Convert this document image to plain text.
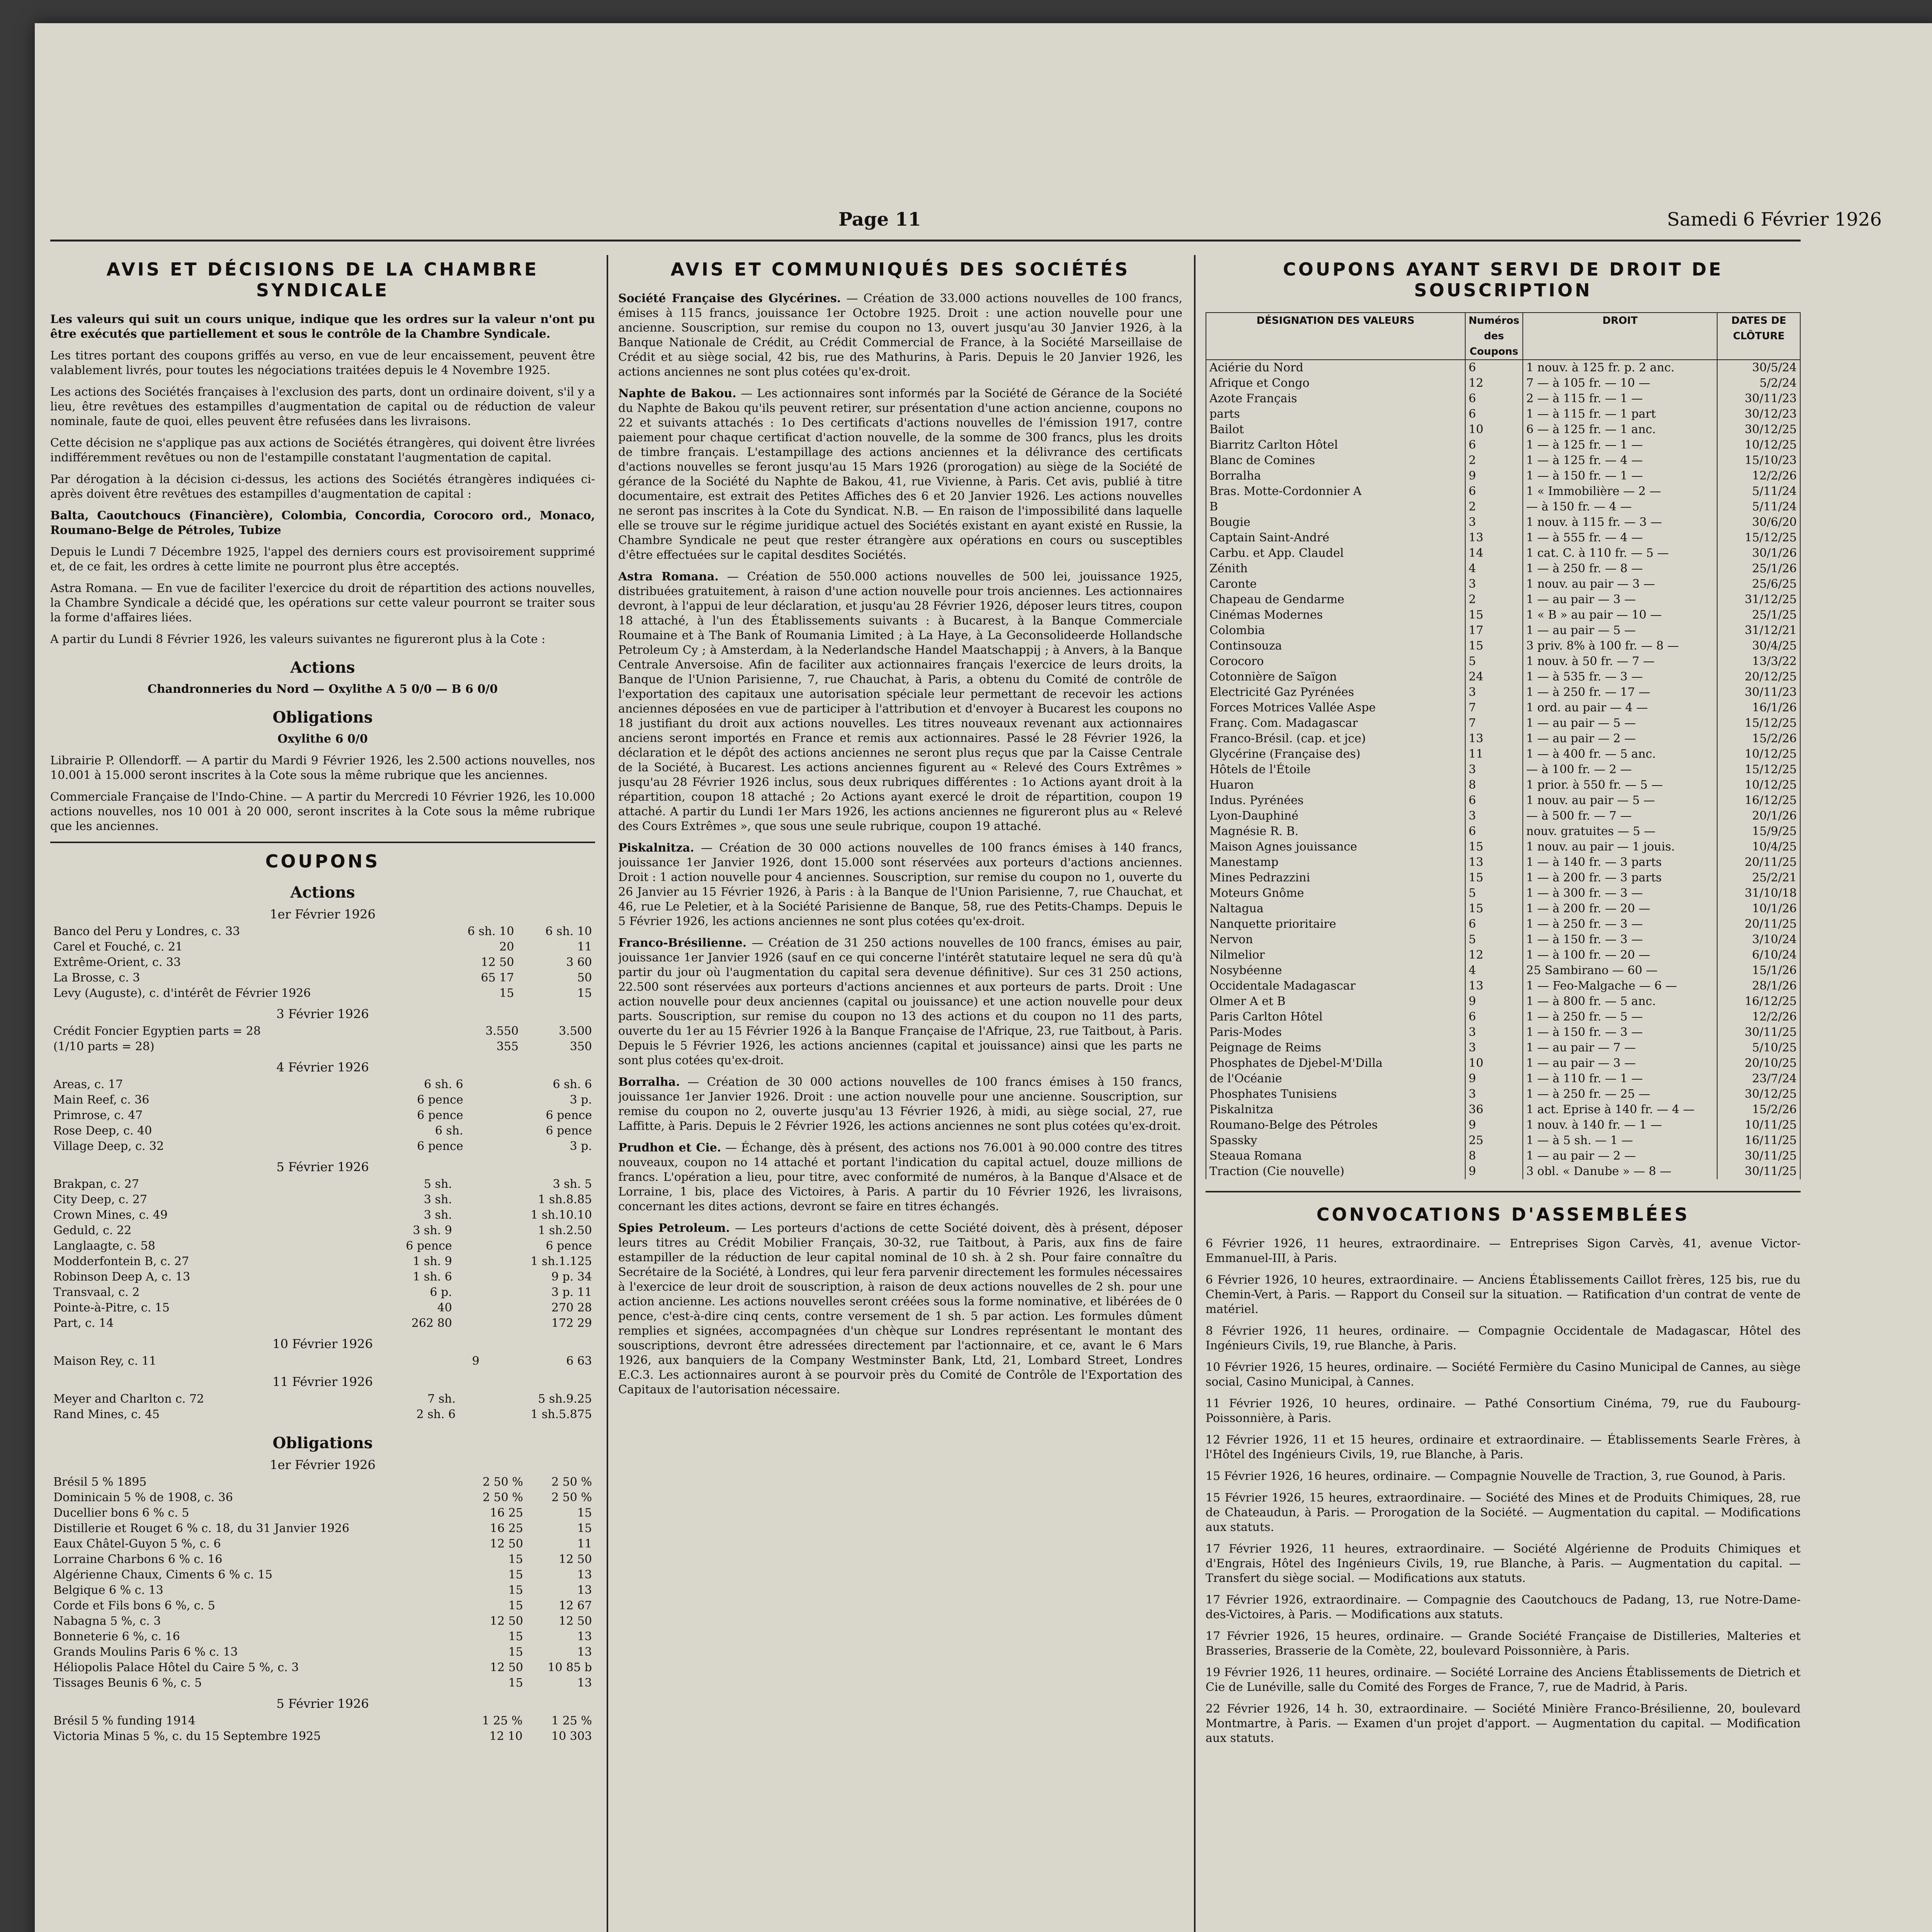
Page 11	Samedi 6 Février 1926
AVIS ET DÉCISIONS DE LA CHAMBRE SYNDICALE

Les valeurs qui suit un cours unique, indique que les ordres sur la valeur n'ont pu être exécutés que partiellement et sous le contrôle de la Chambre Syndicale.

Les titres portant des coupons griffés au verso, en vue de leur encaissement, peuvent être valablement livrés, pour toutes les négociations traitées depuis le 4 Novembre 1925.

Les actions des Sociétés françaises à l'exclusion des parts, dont un ordinaire doivent, s'il y a lieu, être revêtues des estampilles d'augmentation de capital ou de réduction de valeur nominale, faute de quoi, elles peuvent être refusées dans les livraisons.

Cette décision ne s'applique pas aux actions de Sociétés étrangères, qui doivent être livrées indifféremment revêtues ou non de l'estampille constatant l'augmentation de capital.

Par dérogation à la décision ci-dessus, les actions des Sociétés étrangères indiquées ci-après doivent être revêtues des estampilles d'augmentation de capital :

Balta, Caoutchoucs (Financière), Colombia, Concordia, Corocoro ord., Monaco, Roumano-Belge de Pétroles, Tubize

Depuis le Lundi 7 Décembre 1925, l'appel des derniers cours est provisoirement supprimé et, de ce fait, les ordres à cette limite ne pourront plus être acceptés.

Astra Romana. — En vue de faciliter l'exercice du droit de répartition des actions nouvelles, la Chambre Syndicale a décidé que, les opérations sur cette valeur pourront se traiter sous la forme d'affaires liées.

A partir du Lundi 8 Février 1926, les valeurs suivantes ne figureront plus à la Cote :

Actions

Chandronneries du Nord — Oxylithe A 5 0/0 — B 6 0/0

Obligations

Oxylithe 6 0/0

Librairie P. Ollendorff. — A partir du Mardi 9 Février 1926, les 2.500 actions nouvelles, nos 10.001 à 15.000 seront inscrites à la Cote sous la même rubrique que les anciennes.

Commerciale Française de l'Indo-Chine. — A partir du Mercredi 10 Février 1926, les 10.000 actions nouvelles, nos 10 001 à 20 000, seront inscrites à la Cote sous la même rubrique que les anciennes.

COUPONS
Actions
1er Février 1926
Banco del Peru y Londres, c. 33	6 sh. 10	6 sh. 10
Carel et Fouché, c. 21	20	11
Extrême-Orient, c. 33	12 50	3 60
La Brosse, c. 3	65 17	50
Levy (Auguste), c. d'intérêt de Février 1926	15	15
3 Février 1926
Crédit Foncier Egyptien parts = 28	3.550	3.500
(1/10 parts = 28)	355	350
4 Février 1926
Areas, c. 17	6 sh. 6	6 sh. 6
Main Reef, c. 36	6 pence	3 p.
Primrose, c. 47	6 pence	6 pence
Rose Deep, c. 40	6 sh.	6 pence
Village Deep, c. 32	6 pence	3 p.
5 Février 1926
Brakpan, c. 27	5 sh.	3 sh. 5
City Deep, c. 27	3 sh.	1 sh.8.85
Crown Mines, c. 49	3 sh.	1 sh.10.10
Geduld, c. 22	3 sh. 9	1 sh.2.50
Langlaagte, c. 58	6 pence	6 pence
Modderfontein B, c. 27	1 sh. 9	1 sh.1.125
Robinson Deep A, c. 13	1 sh. 6	9 p. 34
Transvaal, c. 2	6 p.	3 p. 11
Pointe-à-Pitre, c. 15	40	270 28
Part, c. 14	262 80	172 29
10 Février 1926
Maison Rey, c. 11	9	6 63
11 Février 1926
Meyer and Charlton c. 72	7 sh.	5 sh.9.25
Rand Mines, c. 45	2 sh. 6	1 sh.5.875
Obligations
1er Février 1926
Brésil 5 % 1895	2 50 %	2 50 %
Dominicain 5 % de 1908, c. 36	2 50 %	2 50 %
Ducellier bons 6 % c. 5	16 25	15
Distillerie et Rouget 6 % c. 18, du 31 Janvier 1926	16 25	15
Eaux Châtel-Guyon 5 %, c. 6	12 50	11
Lorraine Charbons 6 % c. 16	15	12 50
Algérienne Chaux, Ciments 6 % c. 15	15	13
Belgique 6 % c. 13	15	13
Corde et Fils bons 6 %, c. 5	15	12 67
Nabagna 5 %, c. 3	12 50	12 50
Bonneterie 6 %, c. 16	15	13
Grands Moulins Paris 6 % c. 13	15	13
Héliopolis Palace Hôtel du Caire 5 %, c. 3	12 50	10 85 b
Tissages Beunis 6 %, c. 5	15	13
5 Février 1926
Brésil 5 % funding 1914	1 25 %	1 25 %
Victoria Minas 5 %, c. du 15 Septembre 1925	12 10	10 303
AVIS ET COMMUNIQUÉS DES SOCIÉTÉS

Société Française des Glycérines. — Création de 33.000 actions nouvelles de 100 francs, émises à 115 francs, jouissance 1er Octobre 1925. Droit : une action nouvelle pour une ancienne. Souscription, sur remise du coupon no 13, ouvert jusqu'au 30 Janvier 1926, à la Banque Nationale de Crédit, au Crédit Commercial de France, à la Société Marseillaise de Crédit et au siège social, 42 bis, rue des Mathurins, à Paris. Depuis le 20 Janvier 1926, les actions anciennes ne sont plus cotées qu'ex-droit.

Naphte de Bakou. — Les actionnaires sont informés par la Société de Gérance de la Société du Naphte de Bakou qu'ils peuvent retirer, sur présentation d'une action ancienne, coupons no 22 et suivants attachés : 1o Des certificats d'actions nouvelles de l'émission 1917, contre paiement pour chaque certificat d'action nouvelle, de la somme de 300 francs, plus les droits de timbre français. L'estampillage des actions anciennes et la délivrance des certificats d'actions nouvelles se feront jusqu'au 15 Mars 1926 (prorogation) au siège de la Société de gérance de la Société du Naphte de Bakou, 41, rue Vivienne, à Paris. Cet avis, publié à titre documentaire, est extrait des Petites Affiches des 6 et 20 Janvier 1926. Les actions nouvelles ne seront pas inscrites à la Cote du Syndicat. N.B. — En raison de l'impossibilité dans laquelle elle se trouve sur le régime juridique actuel des Sociétés existant en ayant existé en Russie, la Chambre Syndicale ne peut que rester étrangère aux opérations en cours ou susceptibles d'être effectuées sur le capital desdites Sociétés.

Astra Romana. — Création de 550.000 actions nouvelles de 500 lei, jouissance 1925, distribuées gratuitement, à raison d'une action nouvelle pour trois anciennes. Les actionnaires devront, à l'appui de leur déclaration, et jusqu'au 28 Février 1926, déposer leurs titres, coupon 18 attaché, à l'un des Établissements suivants : à Bucarest, à la Banque Commerciale Roumaine et à The Bank of Roumania Limited ; à La Haye, à La Geconsolideerde Hollandsche Petroleum Cy ; à Amsterdam, à la Nederlandsche Handel Maatschappij ; à Anvers, à la Banque Centrale Anversoise. Afin de faciliter aux actionnaires français l'exercice de leurs droits, la Banque de l'Union Parisienne, 7, rue Chauchat, à Paris, a obtenu du Comité de contrôle de l'exportation des capitaux une autorisation spéciale leur permettant de recevoir les actions anciennes déposées en vue de participer à l'attribution et d'envoyer à Bucarest les coupons no 18 justifiant du droit aux actions nouvelles. Les titres nouveaux revenant aux actionnaires anciens seront importés en France et remis aux actionnaires. Passé le 28 Février 1926, la déclaration et le dépôt des actions anciennes ne seront plus reçus que par la Caisse Centrale de la Société, à Bucarest. Les actions anciennes figurent au « Relevé des Cours Extrêmes » jusqu'au 28 Février 1926 inclus, sous deux rubriques différentes : 1o Actions ayant droit à la répartition, coupon 18 attaché ; 2o Actions ayant exercé le droit de répartition, coupon 19 attaché. A partir du Lundi 1er Mars 1926, les actions anciennes ne figureront plus au « Relevé des Cours Extrêmes », que sous une seule rubrique, coupon 19 attaché.

Piskalnitza. — Création de 30 000 actions nouvelles de 100 francs émises à 140 francs, jouissance 1er Janvier 1926, dont 15.000 sont réservées aux porteurs d'actions anciennes. Droit : 1 action nouvelle pour 4 anciennes. Souscription, sur remise du coupon no 1, ouverte du 26 Janvier au 15 Février 1926, à Paris : à la Banque de l'Union Parisienne, 7, rue Chauchat, et 46, rue Le Peletier, et à la Société Parisienne de Banque, 58, rue des Petits-Champs. Depuis le 5 Février 1926, les actions anciennes ne sont plus cotées qu'ex-droit.

Franco-Brésilienne. — Création de 31 250 actions nouvelles de 100 francs, émises au pair, jouissance 1er Janvier 1926 (sauf en ce qui concerne l'intérêt statutaire lequel ne sera dû qu'à partir du jour où l'augmentation du capital sera devenue définitive). Sur ces 31 250 actions, 22.500 sont réservées aux porteurs d'actions anciennes et aux porteurs de parts. Droit : Une action nouvelle pour deux anciennes (capital ou jouissance) et une action nouvelle pour deux parts. Souscription, sur remise du coupon no 13 des actions et du coupon no 11 des parts, ouverte du 1er au 15 Février 1926 à la Banque Française de l'Afrique, 23, rue Taitbout, à Paris. Depuis le 5 Février 1926, les actions anciennes (capital et jouissance) ainsi que les parts ne sont plus cotées qu'ex-droit.

Borralha. — Création de 30 000 actions nouvelles de 100 francs émises à 150 francs, jouissance 1er Janvier 1926. Droit : une action nouvelle pour une ancienne. Souscription, sur remise du coupon no 2, ouverte jusqu'au 13 Février 1926, à midi, au siège social, 27, rue Laffitte, à Paris. Depuis le 2 Février 1926, les actions anciennes ne sont plus cotées qu'ex-droit.

Prudhon et Cie. — Échange, dès à présent, des actions nos 76.001 à 90.000 contre des titres nouveaux, coupon no 14 attaché et portant l'indication du capital actuel, douze millions de francs. L'opération a lieu, pour titre, avec conformité de numéros, à la Banque d'Alsace et de Lorraine, 1 bis, place des Victoires, à Paris. A partir du 10 Février 1926, les livraisons, concernant les dites actions, devront se faire en titres échangés.

Spies Petroleum. — Les porteurs d'actions de cette Société doivent, dès à présent, déposer leurs titres au Crédit Mobilier Français, 30-32, rue Taitbout, à Paris, aux fins de faire estampiller de la réduction de leur capital nominal de 10 sh. à 2 sh. Pour faire connaître du Secrétaire de la Société, à Londres, qui leur fera parvenir directement les formules nécessaires à l'exercice de leur droit de souscription, à raison de deux actions nouvelles de 2 sh. pour une action ancienne. Les actions nouvelles seront créées sous la forme nominative, et libérées de 0 pence, c'est-à-dire cinq cents, contre versement de 1 sh. 5 par action. Les formules dûment remplies et signées, accompagnées d'un chèque sur Londres représentant le montant des souscriptions, devront être adressées directement par l'actionnaire, et ce, avant le 6 Mars 1926, aux banquiers de la Company Westminster Bank, Ltd, 21, Lombard Street, Londres E.C.3. Les actionnaires auront à se pourvoir près du Comité de Contrôle de l'Exportation des Capitaux de l'autorisation nécessaire.

COUPONS AYANT SERVI DE DROIT DE SOUSCRIPTION
DÉSIGNATION DES VALEURS	Numéros des Coupons	DROIT	DATES DE CLÔTURE
Aciérie du Nord	6	1 nouv. à 125 fr. p. 2 anc.	30/5/24
Afrique et Congo	12	7 — à 105 fr. — 10 —	5/2/24
Azote Français	6	2 — à 115 fr. — 1 —	30/11/23
parts	6	1 — à 115 fr. — 1 part	30/12/23
Bailot	10	6 — à 125 fr. — 1 anc.	30/12/25
Biarritz Carlton Hôtel	6	1 — à 125 fr. — 1 —	10/12/25
Blanc de Comines	2	1 — à 125 fr. — 4 —	15/10/23
Borralha	9	1 — à 150 fr. — 1 —	12/2/26
Bras. Motte-Cordonnier A	6	1 « Immobilière — 2 —	5/11/24
B	2	— à 150 fr. — 4 —	5/11/24
Bougie	3	1 nouv. à 115 fr. — 3 —	30/6/20
Captain Saint-André	13	1 — à 555 fr. — 4 —	15/12/25
Carbu. et App. Claudel	14	1 cat. C. à 110 fr. — 5 —	30/1/26
Zénith	4	1 — à 250 fr. — 8 —	25/1/26
Caronte	3	1 nouv. au pair — 3 —	25/6/25
Chapeau de Gendarme	2	1 — au pair — 3 —	31/12/25
Cinémas Modernes	15	1 « B » au pair — 10 —	25/1/25
Colombia	17	1 — au pair — 5 —	31/12/21
Continsouza	15	3 priv. 8% à 100 fr. — 8 —	30/4/25
Corocoro	5	1 nouv. à 50 fr. — 7 —	13/3/22
Cotonnière de Saïgon	24	1 — à 535 fr. — 3 —	20/12/25
Electricité Gaz Pyrénées	3	1 — à 250 fr. — 17 —	30/11/23
Forces Motrices Vallée Aspe	7	1 ord. au pair — 4 —	16/1/26
Franç. Com. Madagascar	7	1 — au pair — 5 —	15/12/25
Franco-Brésil. (cap. et jce)	13	1 — au pair — 2 —	15/2/26
Glycérine (Française des)	11	1 — à 400 fr. — 5 anc.	10/12/25
Hôtels de l'Étoile	3	— à 100 fr. — 2 —	15/12/25
Huaron	8	1 prior. à 550 fr. — 5 —	10/12/25
Indus. Pyrénées	6	1 nouv. au pair — 5 —	16/12/25
Lyon-Dauphiné	3	— à 500 fr. — 7 —	20/1/26
Magnésie R. B.	6	nouv. gratuites — 5 —	15/9/25
Maison Agnes jouissance	15	1 nouv. au pair — 1 jouis.	10/4/25
Manestamp	13	1 — à 140 fr. — 3 parts	20/11/25
Mines Pedrazzini	15	1 — à 200 fr. — 3 parts	25/2/21
Moteurs Gnôme	5	1 — à 300 fr. — 3 —	31/10/18
Naltagua	15	1 — à 200 fr. — 20 —	10/1/26
Nanquette prioritaire	6	1 — à 250 fr. — 3 —	20/11/25
Nervon	5	1 — à 150 fr. — 3 —	3/10/24
Nilmelior	12	1 — à 100 fr. — 20 —	6/10/24
Nosybéenne	4	25 Sambirano — 60 —	15/1/26
Occidentale Madagascar	13	1 — Feo-Malgache — 6 —	28/1/26
Olmer A et B	9	1 — à 800 fr. — 5 anc.	16/12/25
Paris Carlton Hôtel	6	1 — à 250 fr. — 5 —	12/2/26
Paris-Modes	3	1 — à 150 fr. — 3 —	30/11/25
Peignage de Reims	3	1 — au pair — 7 —	5/10/25
Phosphates de Djebel-M'Dilla	10	1 — au pair — 3 —	20/10/25
de l'Océanie	9	1 — à 110 fr. — 1 —	23/7/24
Phosphates Tunisiens	3	1 — à 250 fr. — 25 —	30/12/25
Piskalnitza	36	1 act. Eprise à 140 fr. — 4 —	15/2/26
Roumano-Belge des Pétroles	9	1 nouv. à 140 fr. — 1 —	10/11/25
Spassky	25	1 — à 5 sh. — 1 —	16/11/25
Steaua Romana	8	1 — au pair — 2 —	30/11/25
Traction (Cie nouvelle)	9	3 obl. « Danube » — 8 —	30/11/25
CONVOCATIONS D'ASSEMBLÉES

6 Février 1926, 11 heures, extraordinaire. — Entreprises Sigon Carvès, 41, avenue Victor-Emmanuel-III, à Paris.

6 Février 1926, 10 heures, extraordinaire. — Anciens Établissements Caillot frères, 125 bis, rue du Chemin-Vert, à Paris. — Rapport du Conseil sur la situation. — Ratification d'un contrat de vente de matériel.

8 Février 1926, 11 heures, ordinaire. — Compagnie Occidentale de Madagascar, Hôtel des Ingénieurs Civils, 19, rue Blanche, à Paris.

10 Février 1926, 15 heures, ordinaire. — Société Fermière du Casino Municipal de Cannes, au siège social, Casino Municipal, à Cannes.

11 Février 1926, 10 heures, ordinaire. — Pathé Consortium Cinéma, 79, rue du Faubourg-Poissonnière, à Paris.

12 Février 1926, 11 et 15 heures, ordinaire et extraordinaire. — Établissements Searle Frères, à l'Hôtel des Ingénieurs Civils, 19, rue Blanche, à Paris.

15 Février 1926, 16 heures, ordinaire. — Compagnie Nouvelle de Traction, 3, rue Gounod, à Paris.

15 Février 1926, 15 heures, extraordinaire. — Société des Mines et de Produits Chimiques, 28, rue de Chateaudun, à Paris. — Prorogation de la Société. — Augmentation du capital. — Modifications aux statuts.

17 Février 1926, 11 heures, extraordinaire. — Société Algérienne de Produits Chimiques et d'Engrais, Hôtel des Ingénieurs Civils, 19, rue Blanche, à Paris. — Augmentation du capital. — Transfert du siège social. — Modifications aux statuts.

17 Février 1926, extraordinaire. — Compagnie des Caoutchoucs de Padang, 13, rue Notre-Dame-des-Victoires, à Paris. — Modifications aux statuts.

17 Février 1926, 15 heures, ordinaire. — Grande Société Française de Distilleries, Malteries et Brasseries, Brasserie de la Comète, 22, boulevard Poissonnière, à Paris.

19 Février 1926, 11 heures, ordinaire. — Société Lorraine des Anciens Établissements de Dietrich et Cie de Lunéville, salle du Comité des Forges de France, 7, rue de Madrid, à Paris.

22 Février 1926, 14 h. 30, extraordinaire. — Société Minière Franco-Brésilienne, 20, boulevard Montmartre, à Paris. — Examen d'un projet d'apport. — Augmentation du capital. — Modification aux statuts.
